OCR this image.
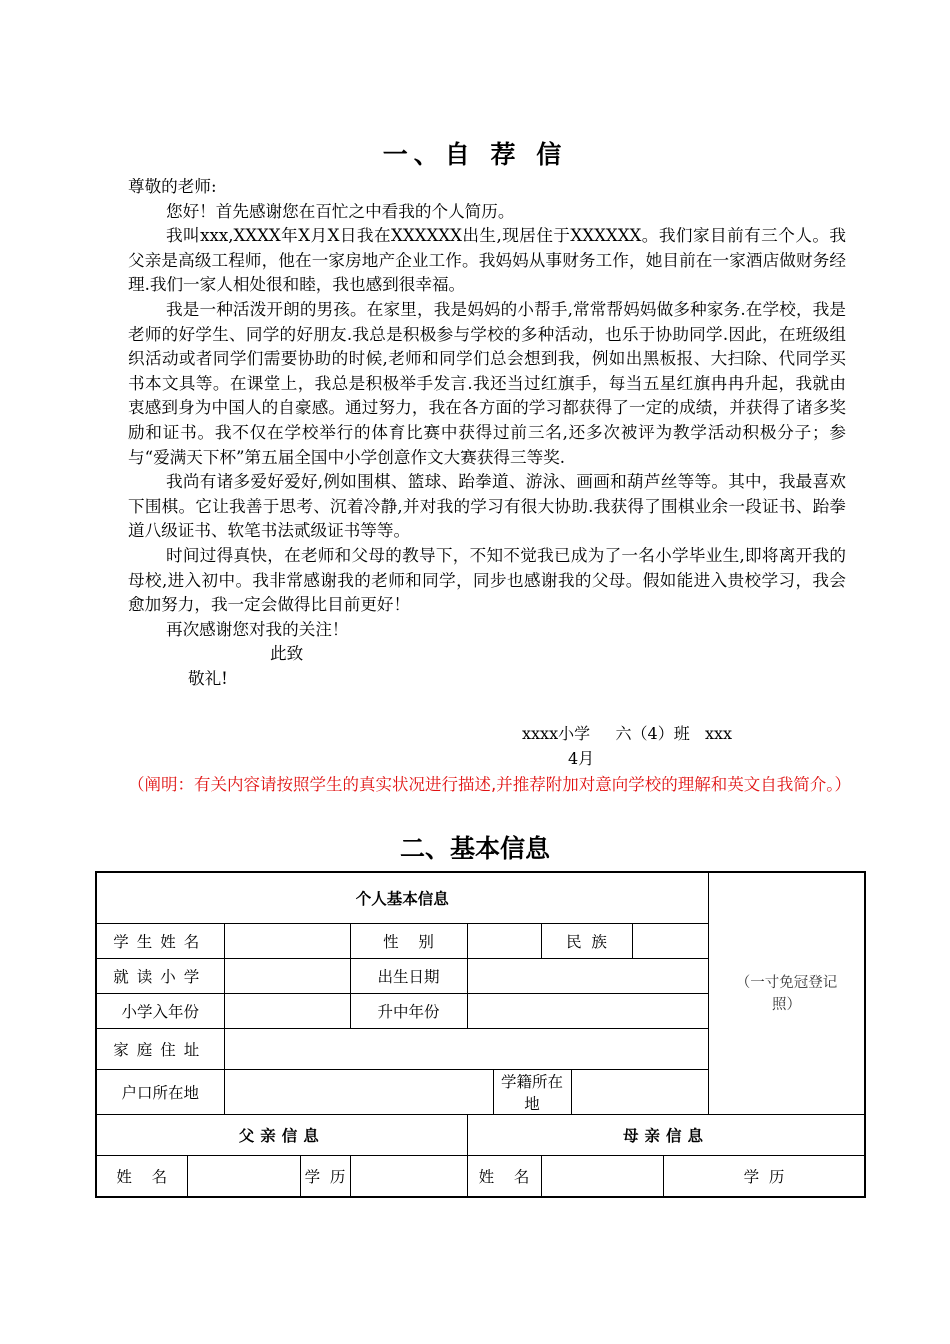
一、自 荐 信

尊敬的老师:

您好！首先感谢您在百忙之中看我的个人简历。

我叫xxx,XXXX年X月X日我在XXXXXX出生,现居住于XXXXXX。我们家目前有三个人。我父亲是高级工程师，他在一家房地产企业工作。我妈妈从事财务工作，她目前在一家酒店做财务经理.我们一家人相处很和睦，我也感到很幸福。

我是一种活泼开朗的男孩。在家里，我是妈妈的小帮手,常常帮妈妈做多种家务.在学校，我是老师的好学生、同学的好朋友.我总是积极参与学校的多种活动，也乐于协助同学.因此，在班级组织活动或者同学们需要协助的时候,老师和同学们总会想到我，例如出黑板报、大扫除、代同学买书本文具等。在课堂上，我总是积极举手发言.我还当过红旗手，每当五星红旗冉冉升起，我就由衷感到身为中国人的自豪感。通过努力，我在各方面的学习都获得了一定的成绩，并获得了诸多奖励和证书。我不仅在学校举行的体育比赛中获得过前三名,还多次被评为教学活动积极分子；参与“爱满天下杯”第五届全国中小学创意作文大赛获得三等奖.

我尚有诸多爱好爱好,例如围棋、篮球、跆拳道、游泳、画画和葫芦丝等等。其中，我最喜欢下围棋。它让我善于思考、沉着冷静,并对我的学习有很大协助.我获得了围棋业余一段证书、跆拳道八级证书、软笔书法贰级证书等等。

时间过得真快，在老师和父母的教导下，不知不觉我已成为了一名小学毕业生,即将离开我的母校,进入初中。我非常感谢我的老师和同学，同步也感谢我的父母。假如能进入贵校学习，我会愈加努力，我一定会做得比目前更好！

再次感谢您对我的关注！

此致

敬礼!

xxxx小学     六（4）班   xxx
4月
（阐明：有关内容请按照学生的真实状况进行描述,并推荐附加对意向学校的理解和英文自我简介。）
二、基本信息
个人基本信息											（一寸免冠登记照）	

学生姓名				性    别			民  族					
就读小学				出生日期								
小学入年份				升中年份								
家庭住址												
户口所在地						学籍所在地						
父亲信息					母亲信息							
姓    名			学  历		姓    名					学  历		
